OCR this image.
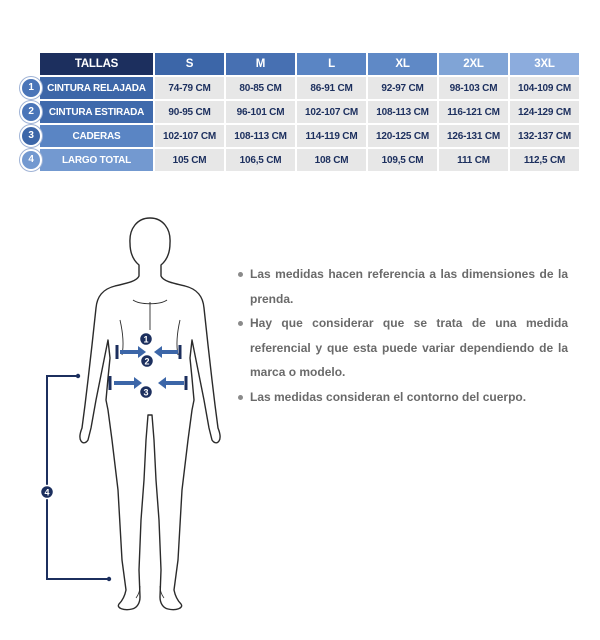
	TALLAS	S	M	L	XL	2XL	3XL
1	CINTURA RELAJADA	74-79 CM	80-85 CM	86-91 CM	92-97 CM	98-103 CM	104-109 CM
2	CINTURA ESTIRADA	90-95 CM	96-101 CM	102-107 CM	108-113 CM	116-121 CM	124-129 CM
3	CADERAS	102-107 CM	108-113 CM	114-119 CM	120-125 CM	126-131 CM	132-137 CM
4	LARGO TOTAL	105 CM	106,5 CM	108 CM	109,5 CM	111 CM	112,5 CM
1
2
3
4
Las medidas hacen referencia a las dimensiones de la prenda.
Hay que considerar que se trata de una medida referencial y que esta puede variar dependiendo de la marca o modelo.
Las medidas consideran el contorno del cuerpo.
